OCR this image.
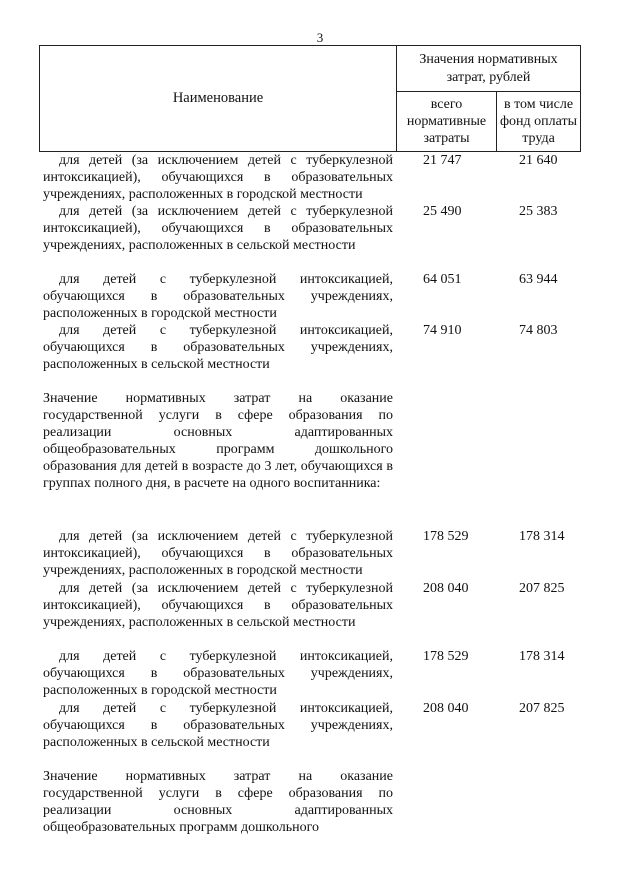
3
Наименование
Значения нормативных затрат, рублей
всего нормативные затраты
в том числе фонд оплаты труда
для детей (за исключением детей с туберкулезной интоксикацией), обучающихся в образовательных учреждениях, расположенных в городской местности
21 747	21 640
для детей (за исключением детей с туберкулезной интоксикацией), обучающихся в образовательных учреждениях, расположенных в сельской местности
25 490	25 383
для детей с туберкулезной интоксикацией, обучающихся в образовательных учреждениях, расположенных в городской местности
64 051	63 944
для детей с туберкулезной интоксикацией, обучающихся в образовательных учреждениях, расположенных в сельской местности
74 910	74 803
Значение нормативных затрат на оказание государственной услуги в сфере образования по реализации основных адаптированных общеобразовательных программ дошкольного образования для детей в возрасте до 3 лет, обучающихся в группах полного дня, в расчете на одного воспитанника:
для детей (за исключением детей с туберкулезной интоксикацией), обучающихся в образовательных учреждениях, расположенных в городской местности
178 529	178 314
для детей (за исключением детей с туберкулезной интоксикацией), обучающихся в образовательных учреждениях, расположенных в сельской местности
208 040	207 825
для детей с туберкулезной интоксикацией, обучающихся в образовательных учреждениях, расположенных в городской местности
178 529	178 314
для детей с туберкулезной интоксикацией, обучающихся в образовательных учреждениях, расположенных в сельской местности
208 040	207 825
Значение нормативных затрат на оказание государственной услуги в сфере образования по реализации основных адаптированных общеобразовательных программ дошкольного
